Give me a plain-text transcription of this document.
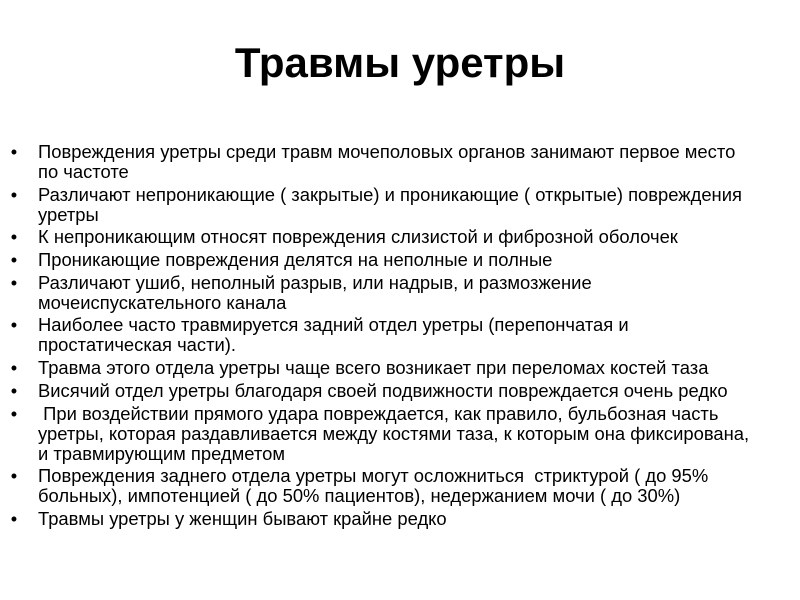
Травмы уретры
• Повреждения уретры среди травм мочеполовых органов занимают первое место по частоте
• Различают непроникающие ( закрытые) и проникающие ( открытые) повреждения уретры
• К непроникающим относят повреждения слизистой и фиброзной оболочек
• Проникающие повреждения делятся на неполные и полные
• Различают ушиб, неполный разрыв, или надрыв, и размозжение мочеиспускательного канала
• Наиболее часто травмируется задний отдел уретры (перепончатая и простатическая части).
• Травма этого отдела уретры чаще всего возникает при переломах костей таза
• Висячий отдел уретры благодаря своей подвижности повреждается очень редко
• При воздействии прямого удара повреждается, как правило, бульбозная часть уретры, которая раздавливается между костями таза, к которым она фиксирована, и травмирующим предметом
• Повреждения заднего отдела уретры могут осложниться  стриктурой ( до 95% больных), импотенцией ( до 50% пациентов), недержанием мочи ( до 30%)
• Травмы уретры у женщин бывают крайне редко
